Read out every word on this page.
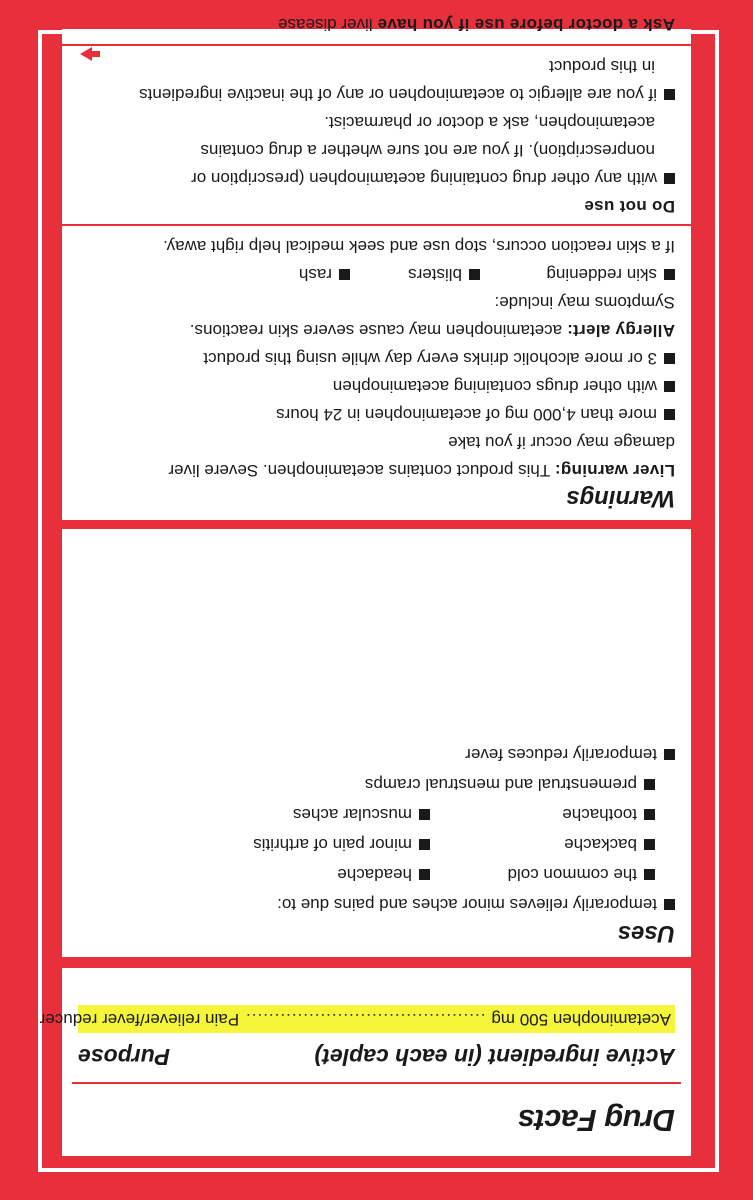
Drug Facts
Active ingredient (in each caplet)
Purpose
Acetaminophen 500 mg
..........................................
Pain reliever/fever reducer
Uses
temporarily relieves minor aches and pains due to:
the common cold
headache
backache
minor pain of arthritis
toothache
muscular aches
premenstrual and menstrual cramps
temporarily reduces fever
Warnings
Liver warning: This product contains acetaminophen. Severe liver
damage may occur if you take
more than 4,000 mg of acetaminophen in 24 hours
with other drugs containing acetaminophen
3 or more alcoholic drinks every day while using this product
Allergy alert: acetaminophen may cause severe skin reactions.
Symptoms may include:
skin reddening
blisters
rash
If a skin reaction occurs, stop use and seek medical help right away.
Do not use
with any other drug containing acetaminophen (prescription or
nonprescription). If you are not sure whether a drug contains
acetaminophen, ask a doctor or pharmacist.
if you are allergic to acetaminophen or any of the inactive ingredients
in this product
Ask a doctor before use if you have liver disease
